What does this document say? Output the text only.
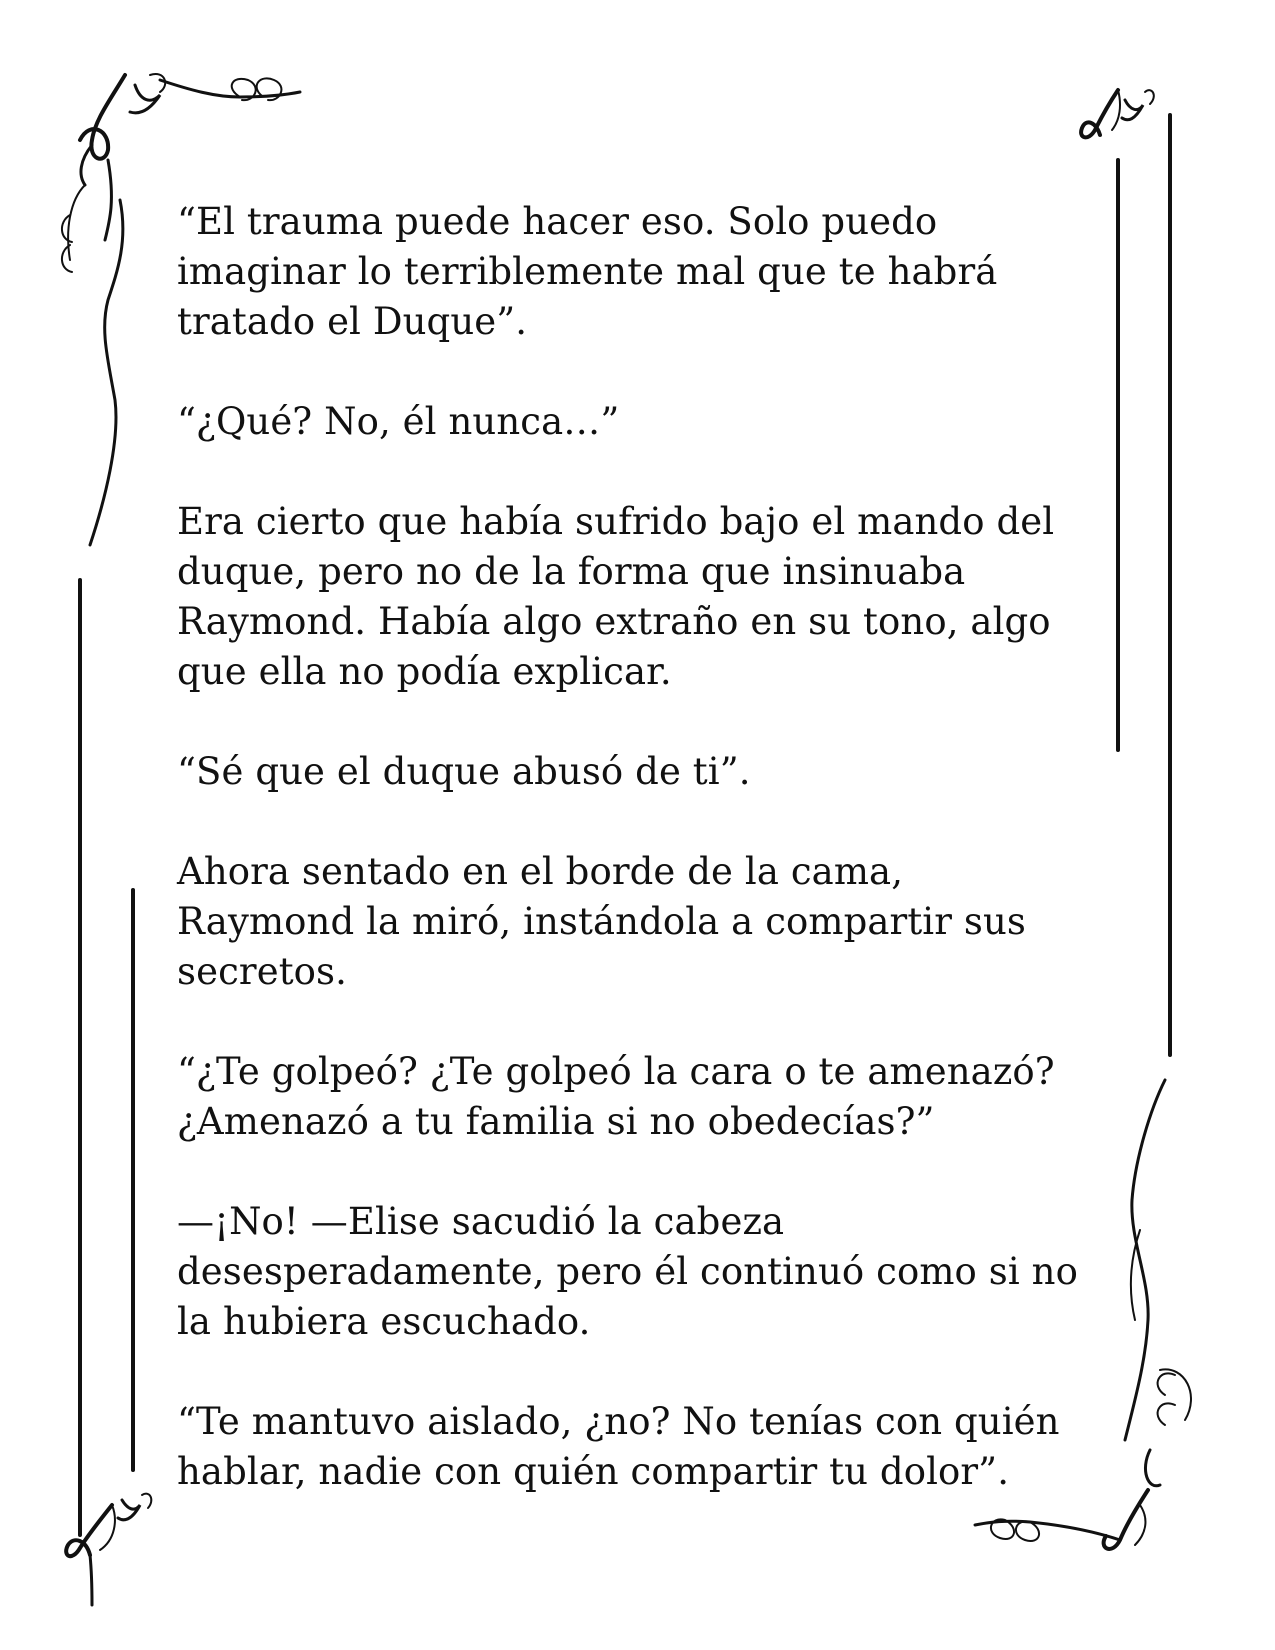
“El trauma puede hacer eso. Solo puedo
imaginar lo terriblemente mal que te habrá
tratado el Duque”.

“¿Qué? No, él nunca…”

Era cierto que había sufrido bajo el mando del
duque, pero no de la forma que insinuaba
Raymond. Había algo extraño en su tono, algo
que ella no podía explicar.

“Sé que el duque abusó de ti”.

Ahora sentado en el borde de la cama,
Raymond la miró, instándola a compartir sus
secretos.

“¿Te golpeó? ¿Te golpeó la cara o te amenazó?
¿Amenazó a tu familia si no obedecías?”

—¡No! —Elise sacudió la cabeza
desesperadamente, pero él continuó como si no
la hubiera escuchado.

“Te mantuvo aislado, ¿no? No tenías con quién
hablar, nadie con quién compartir tu dolor”.
